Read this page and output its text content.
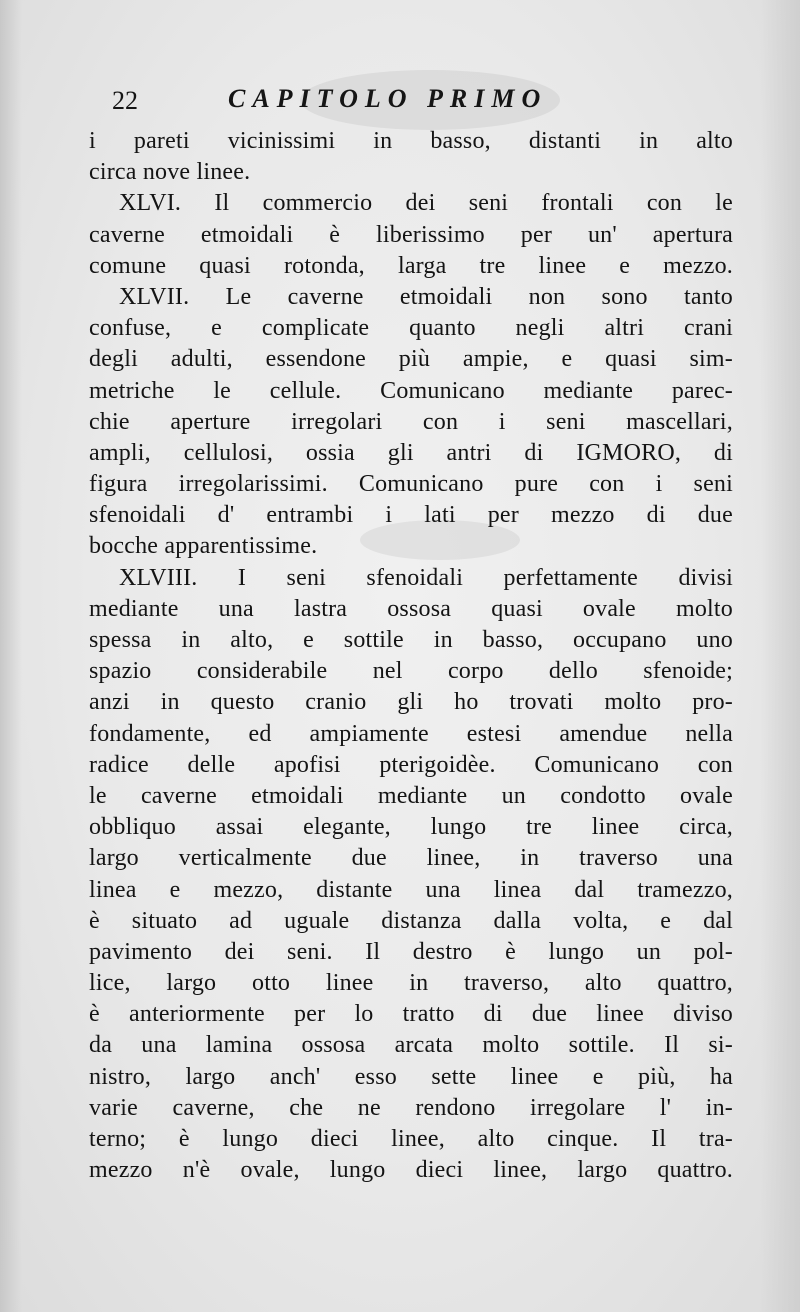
22	CAPITOLO PRIMO
i pareti vicinissimi in basso, distanti in alto
circa nove linee.
XLVI. Il commercio dei seni frontali con le
caverne etmoidali è liberissimo per un' apertura
comune quasi rotonda, larga tre linee e mezzo.
XLVII. Le caverne etmoidali non sono tanto
confuse, e complicate quanto negli altri crani
degli adulti, essendone più ampie, e quasi sim-
metriche le cellule. Comunicano mediante parec-
chie aperture irregolari con i seni mascellari,
ampli, cellulosi, ossia gli antri di IGMORO, di
figura irregolarissimi. Comunicano pure con i seni
sfenoidali d' entrambi i lati per mezzo di due
bocche apparentissime.
XLVIII. I seni sfenoidali perfettamente divisi
mediante una lastra ossosa quasi ovale molto
spessa in alto, e sottile in basso, occupano uno
spazio considerabile nel corpo dello sfenoide;
anzi in questo cranio gli ho trovati molto pro-
fondamente, ed ampiamente estesi amendue nella
radice delle apofisi pterigoidèe. Comunicano con
le caverne etmoidali mediante un condotto ovale
obbliquo assai elegante, lungo tre linee circa,
largo verticalmente due linee, in traverso una
linea e mezzo, distante una linea dal tramezzo,
è situato ad uguale distanza dalla volta, e dal
pavimento dei seni. Il destro è lungo un pol-
lice, largo otto linee in traverso, alto quattro,
è anteriormente per lo tratto di due linee diviso
da una lamina ossosa arcata molto sottile. Il si-
nistro, largo anch' esso sette linee e più, ha
varie caverne, che ne rendono irregolare l' in-
terno; è lungo dieci linee, alto cinque. Il tra-
mezzo n'è ovale, lungo dieci linee, largo quattro.
